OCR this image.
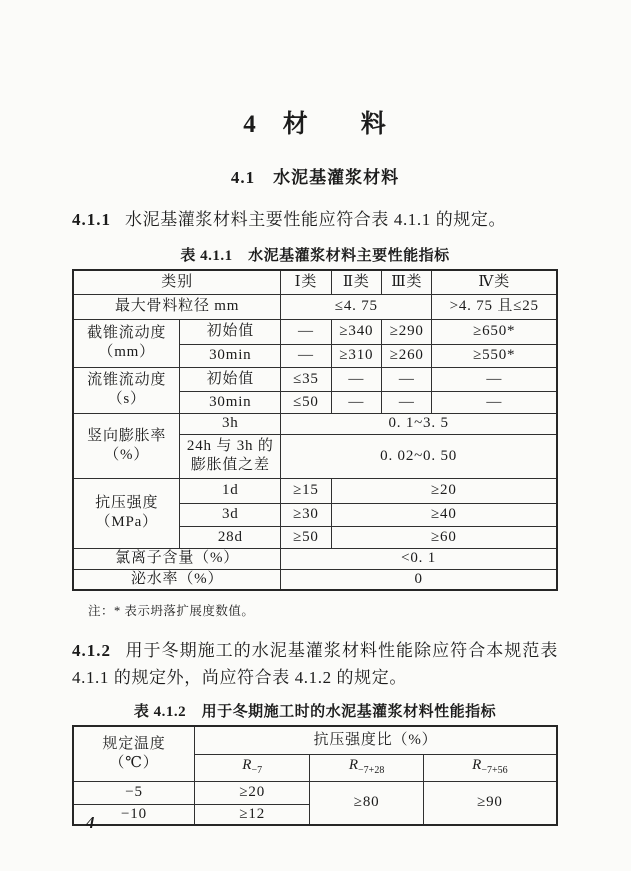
4　材　　料
4.1　水泥基灌浆材料

4.1.1 水泥基灌浆材料主要性能应符合表 4.1.1 的规定。

表 4.1.1　水泥基灌浆材料主要性能指标
类别		Ⅰ类	Ⅱ类	Ⅲ类	Ⅳ类
最大骨料粒径 mm		≤4. 75			>4. 75 且≤25

截锥流动度
（mm）	初始值	—	≥340	≥290	≥650*
	30min	—	≥310	≥260	≥550*

流锥流动度
（s）	初始值	≤35	—	—	—
	30min	≤50	—	—	—

竖向膨胀率
（%）	3h	0. 1~3. 5			
	24h 与 3h 的膨胀值之差	0. 02~0. 50			

抗压强度
（MPa）	1d	≥15	≥20		
	3d	≥30	≥40		
	28d	≥50	≥60		
氯离子含量（%）		<0. 1			
泌水率（%）		0			
注：* 表示坍落扩展度数值。

4.1.2 用于冬期施工的水泥基灌浆材料性能除应符合本规范表 4.1.1 的规定外，尚应符合表 4.1.2 的规定。

表 4.1.2　用于冬期施工时的水泥基灌浆材料性能指标
规定温度
（℃）	抗压强度比（%）		
	$R_{-7}$	$R_{-7+28}$	$R_{-7+56}$
−5	≥20	≥80	≥90
−10	≥12		
4
